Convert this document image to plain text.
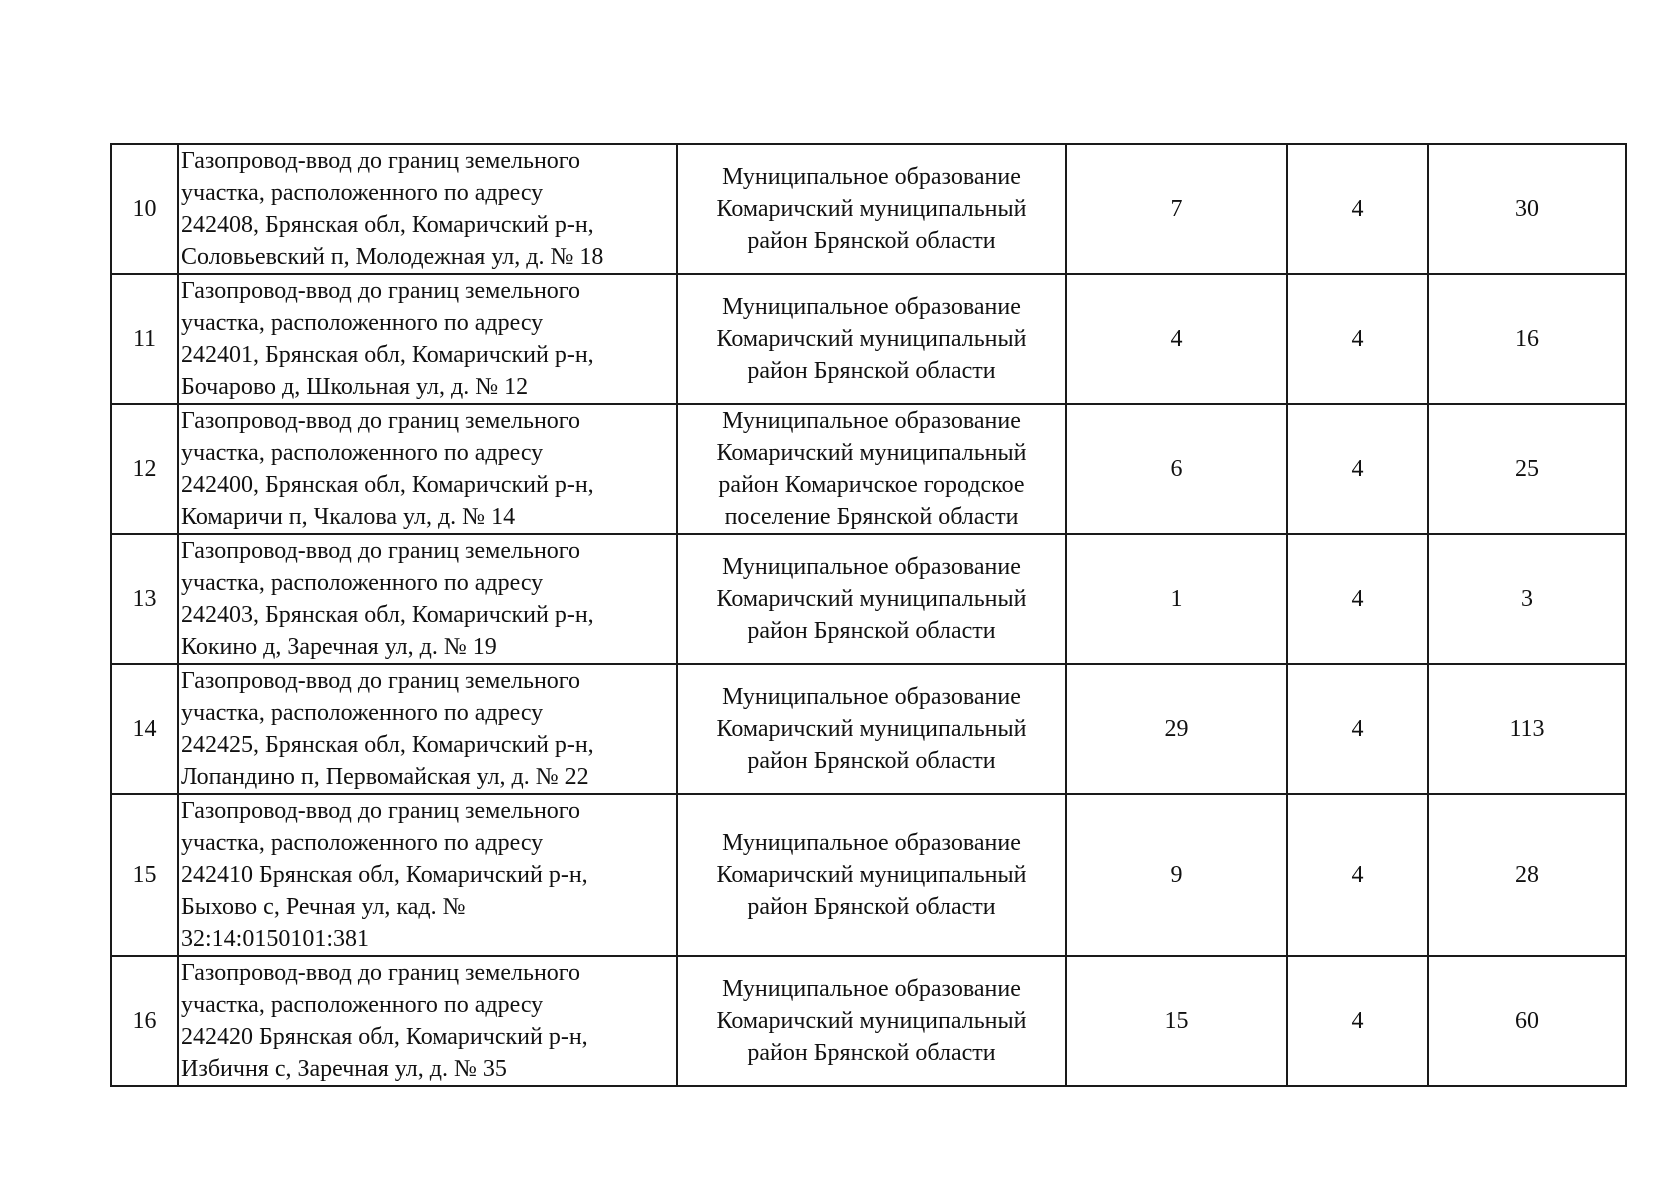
10	Газопровод-ввод до границ земельного
участка, расположенного по адресу
242408, Брянская обл, Комаричский р-н,
Соловьевский п, Молодежная ул, д. № 18	Муниципальное образование Комаричский муниципальный район Брянской области	7	4	30
11	Газопровод-ввод до границ земельного
участка, расположенного по адресу
242401, Брянская обл, Комаричский р-н,
Бочарово д, Школьная ул, д. № 12	Муниципальное образование Комаричский муниципальный район Брянской области	4	4	16
12	Газопровод-ввод до границ земельного
участка, расположенного по адресу
242400, Брянская обл, Комаричский р-н,
Комаричи п, Чкалова ул, д. № 14	Муниципальное образование Комаричский муниципальный район Комаричское городское поселение Брянской области	6	4	25
13	Газопровод-ввод до границ земельного
участка, расположенного по адресу
242403, Брянская обл, Комаричский р-н,
Кокино д, Заречная ул, д. № 19	Муниципальное образование Комаричский муниципальный район Брянской области	1	4	3
14	Газопровод-ввод до границ земельного
участка, расположенного по адресу
242425, Брянская обл, Комаричский р-н,
Лопандино п, Первомайская ул, д. № 22	Муниципальное образование Комаричский муниципальный район Брянской области	29	4	113
15	Газопровод-ввод до границ земельного
участка, расположенного по адресу
242410 Брянская обл, Комаричский р-н,
Быхово с, Речная ул, кад. №
32:14:0150101:381	Муниципальное образование Комаричский муниципальный район Брянской области	9	4	28
16	Газопровод-ввод до границ земельного
участка, расположенного по адресу
242420 Брянская обл, Комаричский р-н,
Избичня с, Заречная ул, д. № 35	Муниципальное образование Комаричский муниципальный район Брянской области	15	4	60
